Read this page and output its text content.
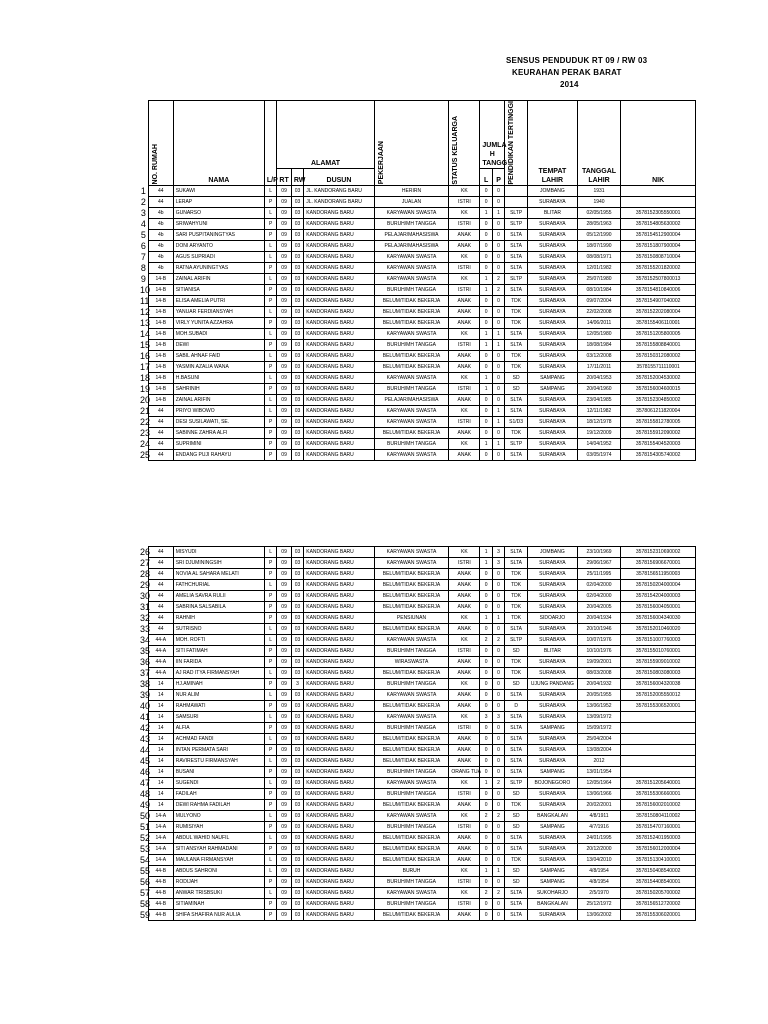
SENSUS PENDUDUK RT 09 / RW 03
KEURAHAN PERAK BARAT
2014

	NO. RUMAH	NAMA	L/P	ALAMAT			PEKERJAAN	STATUS KELUARGA	JUMLA H TANGG		PENDIDIKAN TERTINGGI	TEMPAT LAHIR	TANGGAL LAHIR	NIK
				RT	RW	DUSUN			L	P				

1	44	SUKAWI	L	09	03	JL. KANDORANG BARU	HERIRN	KK	0	0		JOMBANG	1931	
2	44	LERAP	P	09	03	JL. KANDORANG BARU	JUALAN	ISTRI	0	0		SURABAYA	1940	
3	4b	GUNARSO	L	09	03	KANDORANG BARU	KARYAWAN SWASTA	KK	1	1	SLTP	BLITAR	02/05/1955	3578152305550001
4	4b	SRIWAHYUNI	P	09	03	KANDORANG BARU	BURUH/MH TANGGA	ISTRI	0	0	SLTP	SURABAYA	28/05/1963	3578154805630002
5	4b	SARI PUSPITANINGTYAS	P	09	03	KANDORANG BARU	PELAJAR/MAHASISWA	ANAK	0	0	SLTA	SURABAYA	05/12/1990	3578154512900004
6	4b	DONI ARYANTO	L	09	03	KANDORANG BARU	PELAJAR/MAHASISWA	ANAK	0	0	SLTA	SURABAYA	18/07/1990	3578151807900004
7	4b	AGUS SUPRIADI	L	09	03	KANDORANG BARU	KARYAWAN SWASTA	KK	0	0	SLTA	SURABAYA	08/08/1971	3578150808710004
8	4b	RATNA AYUNINGTYAS	P	09	03	KANDORANG BARU	KARYAWAN SWASTA	ISTRI	0	0	SLTA	SURABAYA	12/01/1982	3578155201820002
9	14-B	ZAINAL ARIFIN	L	09	03	KANDORANG BARU	KARYAWAN SWASTA	KK	1	2	SLTP	SURABAYA	25/07/1980	3578152507800013
10	14-B	SITIANISA	P	09	03	KANDORANG BARU	BURUH/MH TANGGA	ISTRI	1	2	SLTA	SURABAYA	08/10/1984	3578154810840006
11	14-B	ELISA AMELIA PUTRI	P	09	03	KANDORANG BARU	BELUM/TIDAK BEKERJA	ANAK	0	0	TDK	SURABAYA	09/07/2004	3578154907040002
12	14-B	YANUAR FERDIANSYAH	L	09	03	KANDORANG BARU	BELUM/TIDAK BEKERJA	ANAK	0	0	TDK	SURABAYA	22/02/2008	3578152202080004
13	14-B	VIRLY YUNITA AZZAHRA	P	09	03	KANDORANG BARU	BELUM/TIDAK BEKERJA	ANAK	0	0	TDK	SURABAYA	14/06/2011	3578155406110001
14	14-B	MOH.SUBADI	L	09	03	KANDORANG BARU	KARYAWAN SWASTA	KK	1	1	SLTA	SURABAYA	12/05/1980	3578151205800005
15	14-B	DEWI	P	09	03	KANDORANG BARU	BURUH/MH TANGGA	ISTRI	1	1	SLTA	SURABAYA	18/08/1984	3578155808840001
16	14-B	SABIL AHNAF FAID	L	09	03	KANDORANG BARU	BELUM/TIDAK BEKERJA	ANAK	0	0	TDK	SURABAYA	03/12/2008	3578150312080002
17	14-B	YASMIN AZALIA WANA	P	09	03	KANDORANG BARU	BELUM/TIDAK BEKERJA	ANAK	0	0	TDK	SURABAYA	17/11/2011	3578155711110001
18	14-B	H.BASUNI	L	09	03	KANDORANG BARU	KARYAWAN SWASTA	KK	1	0	SD	SAMPANG	20/04/1953	3578152004530002
19	14-B	SAHRINIH	P	09	03	KANDORANG BARU	BURUH/MH TANGGA	ISTRI	1	0	SD	SAMPANG	20/04/1960	3578156004600015
20	14-B	ZAINAL ARIFIN	L	09	03	KANDORANG BARU	PELAJAR/MAHASISWA	ANAK	0	0	SLTA	SURABAYA	23/04/1985	3578152304850002
21	44	PRIYO WIBOWO	L	09	03	KANDORANG BARU	KARYAWAN SWASTA	KK	0	1	SLTA	SURABAYA	12/11/1982	3578061211820004
22	44	DESI SUSILAWATI, SE.	P	09	03	KANDORANG BARU	KARYAWAN SWASTA	ISTRI	0	1	S1/D3	SURABAYA	18/12/1978	3578155812780005
23	44	SABINNE ZAHRA ALFI	P	09	03	KANDORANG BARU	BELUM/TIDAK BEKERJA	ANAK	0	0	TDK	SURABAYA	19/12/2009	3578155912090002
24	44	SUPRIMINI	P	09	03	KANDORANG BARU	BURUH/MH TANGGA	KK	1	1	SLTP	SURABAYA	14/04/1952	3578155404520003
25	44	ENDANG PUJI RAHAYU	P	09	03	KANDORANG BARU	KARYAWAN SWASTA	ANAK	0	0	SLTA	SURABAYA	03/05/1974	3578154305740002
26	44	MISYUDI	L	09	03	KANDORANG BARU	KARYAWAN SWASTA	KK	1	3	SLTA	JOMBANG	23/10/1969	3578152310690002
27	44	SRI DJUMININGSIH	P	09	03	KANDORANG BARU	KARYAWAN SWASTA	ISTRI	1	3	SLTA	SURABAYA	29/06/1967	3578156906670001
28	44	NOVIA AL SAHARA MELATI	P	09	03	KANDORANG BARU	BELUM/TIDAK BEKERJA	ANAK	0	0	TDK	SURABAYA	25/11/1995	3578156511950003
29	44	FATHCHURIAL	L	09	03	KANDORANG BARU	BELUM/TIDAK BEKERJA	ANAK	0	0	TDK	SURABAYA	02/04/2000	3578150204000004
30	44	AMELIA SAVRA RULII	P	09	03	KANDORANG BARU	BELUM/TIDAK BEKERJA	ANAK	0	0	TDK	SURABAYA	02/04/2000	3578154204000003
31	44	SABRINA SALSABILA	P	09	03	KANDORANG BARU	BELUM/TIDAK BEKERJA	ANAK	0	0	TDK	SURABAYA	20/04/2005	3578156004050001
32	44	RAHNIH	P	09	03	KANDORANG BARU	PENSIUNAN	KK	1	1	TDK	SIDOARJO	20/04/1934	3578156004340030
33	44	SUTRISNO	L	09	03	KANDORANG BARU	BELUM/TIDAK BEKERJA	ANAK	0	0	SLTA	SURABAYA	20/10/1946	3578152010460020
34	44-A	MOH. ROFTI	L	09	03	KANDORANG BARU	KARYAWAN SWASTA	KK	2	2	SLTP	SURABAYA	10/07/1976	3578151007760003
35	44-A	SITI FATIMAH	P	09	03	KANDORANG BARU	BURUH/MH TANGGA	ISTRI	0	0	SD	BLITAR	10/10/1976	3578155010760001
36	44-A	IIN FARIDA	P	09	03	KANDORANG BARU	WIRASWASTA	ANAK	0	0	TDK	SURABAYA	19/09/2001	3578155909010002
37	44-A	AJ RAD ITYA FIRMANSYAH	L	09	03	KANDORANG BARU	BELUM/TIDAK BEKERJA	ANAK	0	0	TDK	SURABAYA	08/03/2008	3578150803080003
38	14	HJ.AMINAH	P	09	3	KANDORANG BARU	BURUH/MH TANGGA	KK	0	0	SD	UJUNG PANDANG	20/04/1932	3578156004320038
39	14	NUR ALIM	L	09	03	KANDORANG BARU	KARYAWAN SWASTA	ANAK	0	0	SLTA	SURABAYA	20/05/1955	3578152005550012
40	14	RAHMAWATI	P	09	03	KANDORANG BARU	BELUM/TIDAK BEKERJA	ANAK	0	0	D	SURABAYA	13/06/1952	3578155306520001
41	14	SAMSURI	L	09	03	KANDORANG BARU	KARYAWAN SWASTA	KK	3	3	SLTA	SURABAYA	13/09/1972	
42	14	ALFIA	P	09	03	KANDORANG BARU	BURUH/MH TANGGA	ISTRI	0	0	SLTA	SAMPANG	15/09/1972	
43	14	ACHMAD FANDI	L	09	03	KANDORANG BARU	BELUM/TIDAK BEKERJA	ANAK	0	0	SLTA	SURABAYA	25/04/2004	
44	14	INTAN PERMATA SARI	P	09	03	KANDORANG BARU	BELUM/TIDAK BEKERJA	ANAK	0	0	SLTA	SURABAYA	13/08/2004	
45	14	RAVIRESTU FIRMANSYAH	L	09	03	KANDORANG BARU	BELUM/TIDAK BEKERJA	ANAK	0	0	SLTA	SURABAYA	2012	
46	14	BUSANI	P	09	03	KANDORANG BARU	BURUH/MH TANGGA	ORANG TUA	0	0	SLTA	SAMPANG	13/01/1954	
47	14	SUGENDI	L	09	03	KANDORANG BARU	KARYAWAN SWASTA	KK	1	2	SLTP	BOJONEGORO	12/05/1964	3578151205640001
48	14	FADILAH	P	09	03	KANDORANG BARU	BURUH/MH TANGGA	ISTRI	0	0	SD	SURABAYA	13/06/1966	3578155306660001
49	14	DEWI RAHMA FADILAH	P	09	03	KANDORANG BARU	BELUM/TIDAK BEKERJA	ANAK	0	0	TDK	SURABAYA	20/02/2001	3578156002010002
50	14-A	MULYONO	L	09	03	KANDORANG BARU	KARYAWAN SWASTA	KK	2	2	SD	BANGKALAN	4/8/1911	3578150804110002
51	14-A	RUMISIYAH	P	09	03	KANDORANG BARU	BURUH/MH TANGGA	ISTRI	0	0	SD	SAMPANG	4/7/1916	3578154707160001
52	14-A	ABDUL WAHID NAUFIL	L	09	03	KANDORANG BARU	BELUM/TIDAK BEKERJA	ANAK	0	0	SLTA	SURABAYA	24/01/1995	3578152401950003
53	14-A	SITI ANSYAH RAHMADANI	P	09	03	KANDORANG BARU	BELUM/TIDAK BEKERJA	ANAK	0	0	SLTA	SURABAYA	20/12/2000	3578156012000004
54	14-A	MAULANA FIRMANSYAH	L	09	03	KANDORANG BARU	BELUM/TIDAK BEKERJA	ANAK	0	0	TDK	SURABAYA	13/04/2010	3578151304100001
55	44-B	ABDUS SAHRONI	L	09	03	KANDORANG BARU	BURUH	KK	1	1	SD	SAMPANG	4/8/1954	3578150408540002
56	44-B	RODIJAH	P	09	03	KANDORANG BARU	BURUH/MH TANGGA	ISTRI	0	0	SD	SAMPANG	4/8/1954	3578154408540001
57	44-B	ANWAR TRISBSUKI	L	09	03	KANDORANG BARU	KARYAWAN SWASTA	KK	2	2	SLTA	SUKOHARJO	2/5/1970	3578150205700002
58	44-B	SITIAMINAH	P	09	03	KANDORANG BARU	BURUH/MH TANGGA	ISTRI	0	0	SLTA	BANGKALAN	25/12/1972	3578156512720002
59	44-B	SHIFA SHAFIRA NUR AULIA	P	09	03	KANDORANG BARU	BELUM/TIDAK BEKERJA	ANAK	0	0	SLTA	SURABAYA	13/06/2002	3578155306020001
